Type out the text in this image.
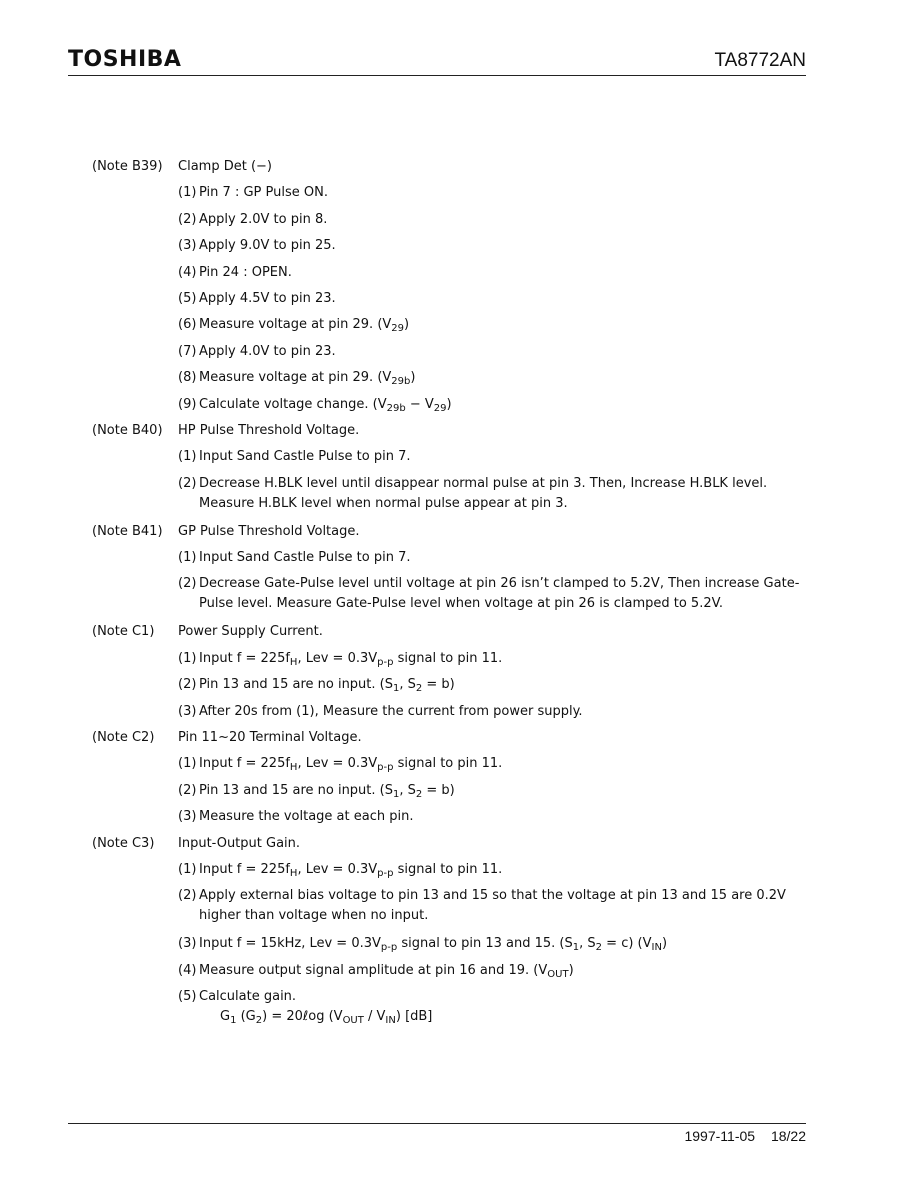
TOSHIBA	TA8772AN
(Note B39)	Clamp Det (−)
(1) Pin 7 : GP Pulse ON.
(2) Apply 2.0V to pin 8.
(3) Apply 9.0V to pin 25.
(4) Pin 24 : OPEN.
(5) Apply 4.5V to pin 23.
(6) Measure voltage at pin 29. $(V_{29})$
(7) Apply 4.0V to pin 23.
(8) Measure voltage at pin 29. $(V_{29b})$
(9) Calculate voltage change. $(V_{29b} - V_{29})$
(Note B40)	HP Pulse Threshold Voltage.
(1) Input Sand Castle Pulse to pin 7.
(2) Decrease H.BLK level until disappear normal pulse at pin 3. Then, Increase H.BLK level. Measure H.BLK level when normal pulse appear at pin 3.
(Note B41)	GP Pulse Threshold Voltage.
(1) Input Sand Castle Pulse to pin 7.
(2) Decrease Gate-Pulse level until voltage at pin 26 isn’t clamped to 5.2V, Then increase Gate-Pulse level. Measure Gate-Pulse level when voltage at pin 26 is clamped to 5.2V.
(Note C1)	Power Supply Current.
(1) Input $f = 225f_H$, Lev = $0.3V_{p-p}$ signal to pin 11.
(2) Pin 13 and 15 are no input. ($S_1$, $S_2 = b$)
(3) After 20s from (1), Measure the current from power supply.
(Note C2)	Pin 11~20 Terminal Voltage.
(1) Input $f = 225f_H$, Lev = $0.3V_{p-p}$ signal to pin 11.
(2) Pin 13 and 15 are no input. ($S_1$, $S_2 = b$)
(3) Measure the voltage at each pin.
(Note C3)	Input-Output Gain.
(1) Input $f = 225f_H$, Lev = $0.3V_{p-p}$ signal to pin 11.
(2) Apply external bias voltage to pin 13 and 15 so that the voltage at pin 13 and 15 are 0.2V higher than voltage when no input.
(3) Input f = 15kHz, Lev = $0.3V_{p-p}$ signal to pin 13 and 15. ($S_1$, $S_2 = c$) $(V_{IN})$
(4) Measure output signal amplitude at pin 16 and 19. $(V_{OUT})$
(5) Calculate gain.
$G_1$ $(G_2)$ = 20ℓog $(V_{OUT} / V_{IN})$ [dB]
1997-11-05 18/22
